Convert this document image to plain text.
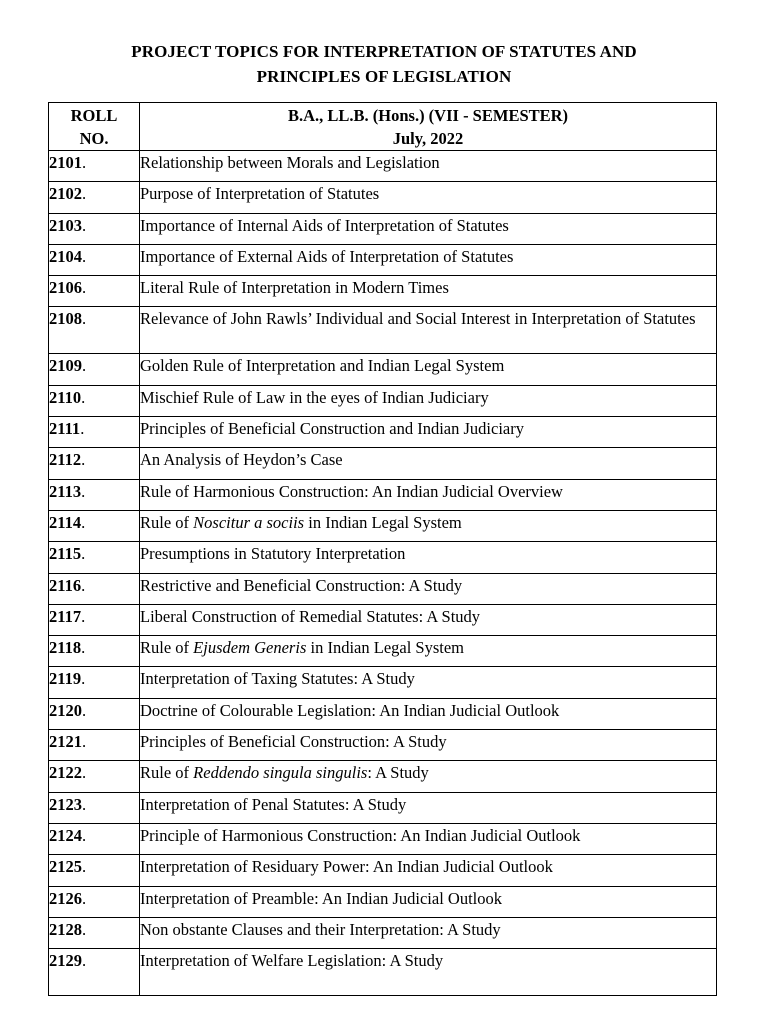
PROJECT TOPICS FOR INTERPRETATION OF STATUTES AND
PRINCIPLES OF LEGISLATION
ROLL
NO.	B.A., LL.B. (Hons.) (VII - SEMESTER)
July, 2022

2101.	Relationship between Morals and Legislation
2102.	Purpose of Interpretation of Statutes
2103.	Importance of Internal Aids of Interpretation of Statutes
2104.	Importance of External Aids of Interpretation of Statutes
2106.	Literal Rule of Interpretation in Modern Times
2108.	Relevance of John Rawls’ Individual and Social Interest in Interpretation of Statutes
2109.	Golden Rule of Interpretation and Indian Legal System
2110.	Mischief Rule of Law in the eyes of Indian Judiciary
2111.	Principles of Beneficial Construction and Indian Judiciary
2112.	An Analysis of Heydon’s Case
2113.	Rule of Harmonious Construction: An Indian Judicial Overview
2114.	Rule of Noscitur a sociis in Indian Legal System
2115.	Presumptions in Statutory Interpretation
2116.	Restrictive and Beneficial Construction: A Study
2117.	Liberal Construction of Remedial Statutes: A Study
2118.	Rule of Ejusdem Generis in Indian Legal System
2119.	Interpretation of Taxing Statutes: A Study
2120.	Doctrine of Colourable Legislation: An Indian Judicial Outlook
2121.	Principles of Beneficial Construction: A Study
2122.	Rule of Reddendo singula singulis: A Study
2123.	Interpretation of Penal Statutes: A Study
2124.	Principle of Harmonious Construction: An Indian Judicial Outlook
2125.	Interpretation of Residuary Power: An Indian Judicial Outlook
2126.	Interpretation of Preamble: An Indian Judicial Outlook
2128.	Non obstante Clauses and their Interpretation: A Study
2129.	Interpretation of Welfare Legislation: A Study
